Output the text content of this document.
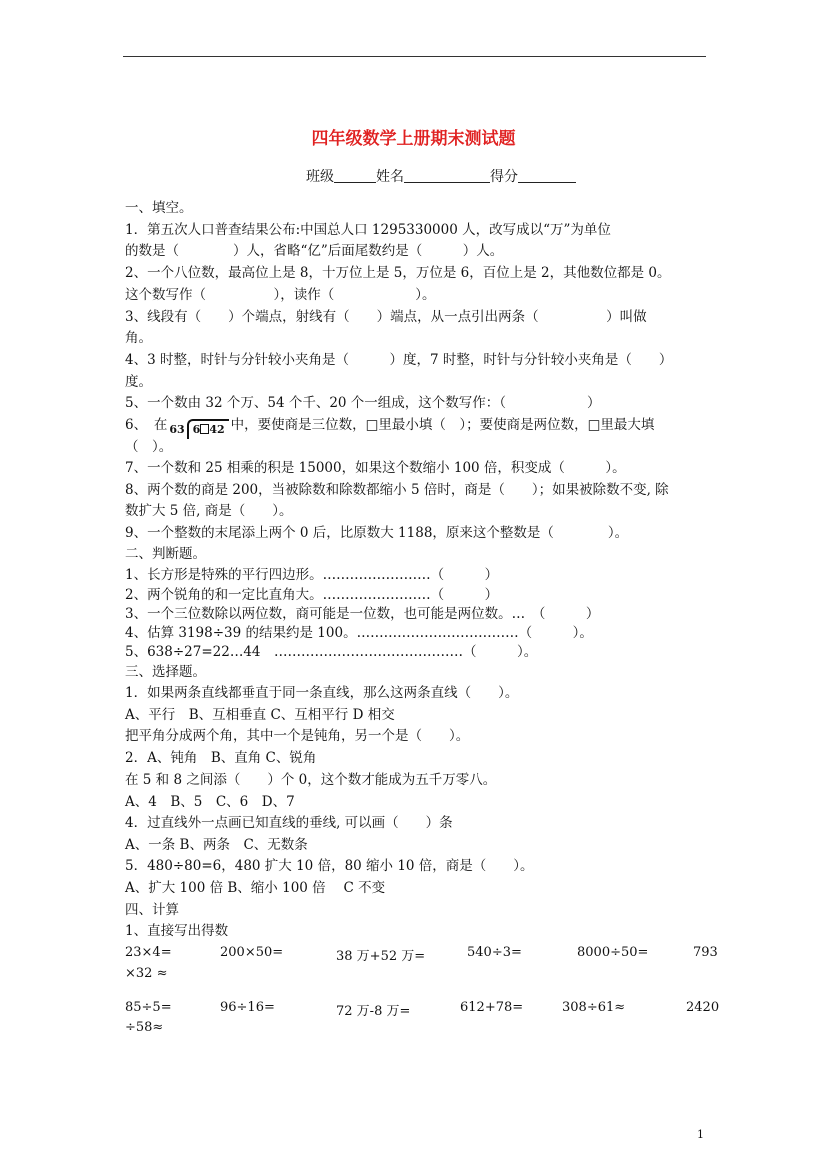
四年级数学上册期末测试题
班级	姓名	得分
一、填空。
1．第五次人口普查结果公布:中国总人口 1295330000 人，改写成以“万”为单位
的数是（　　　　）人，省略“亿”后面尾数约是（　　　）人。
2、一个八位数，最高位上是 8，十万位上是 5，万位是 6，百位上是 2，其他数位都是 0。
这个数写作（　　　　　），读作（　　　　　　）。
3、线段有（　　）个端点，射线有（　　）端点，从一点引出两条（　　　　　）叫做
角。
4、3 时整，时针与分针较小夹角是（　　　）度，7 时整，时针与分针较小夹角是（　　）
度。
5、一个数由 32 个万、54 个千、20 个一组成，这个数写作：（　　　　　　）
6、　在 63 6 42 中，要使商是三位数，□里最小填（　）；要使商是两位数，□里最大填
（　）。
7、一个数和 25 相乘的积是 15000，如果这个数缩小 100 倍，积变成（　　　）。
8、两个数的商是 200，当被除数和除数都缩小 5 倍时，商是（　　）；如果被除数不变, 除
数扩大 5 倍, 商是（　　）。
9、一个整数的末尾添上两个 0 后，比原数大 1188，原来这个整数是（　　　　）。
二、判断题。
1、长方形是特殊的平行四边形。……………………（　　　）
2、两个锐角的和一定比直角大。……………………（　　　）
3、一个三位数除以两位数，商可能是一位数，也可能是两位数。…　（　　　）
4、估算 3198÷39 的结果约是 100。………………………………（　　　）。
5、638÷27=22…44　……………………………………（　　　）。
三、选择题。
1．如果两条直线都垂直于同一条直线，那么这两条直线（　　）。
A、平行　B、互相垂直 C、互相平行 D 相交
把平角分成两个角，其中一个是钝角，另一个是（　　）。
2．A、钝角　B、直角 C、锐角
在 5 和 8 之间添（　　）个 0，这个数才能成为五千万零八。
A、4　B、5　C、6　D、7
4．过直线外一点画已知直线的垂线, 可以画（　　）条
A、一条 B、两条　C、无数条
5．480÷80=6，480 扩大 10 倍，80 缩小 10 倍，商是（　　）。
A、扩大 100 倍 B、缩小 100 倍　 C 不变
四、计算
1、直接写出得数
23×4=	200×50=	38 万+52 万=	540÷3=	8000÷50=	793
×32 ≈
85÷5=	96÷16=	72 万-8 万=	612+78=	308÷61≈	2420
÷58≈
1
